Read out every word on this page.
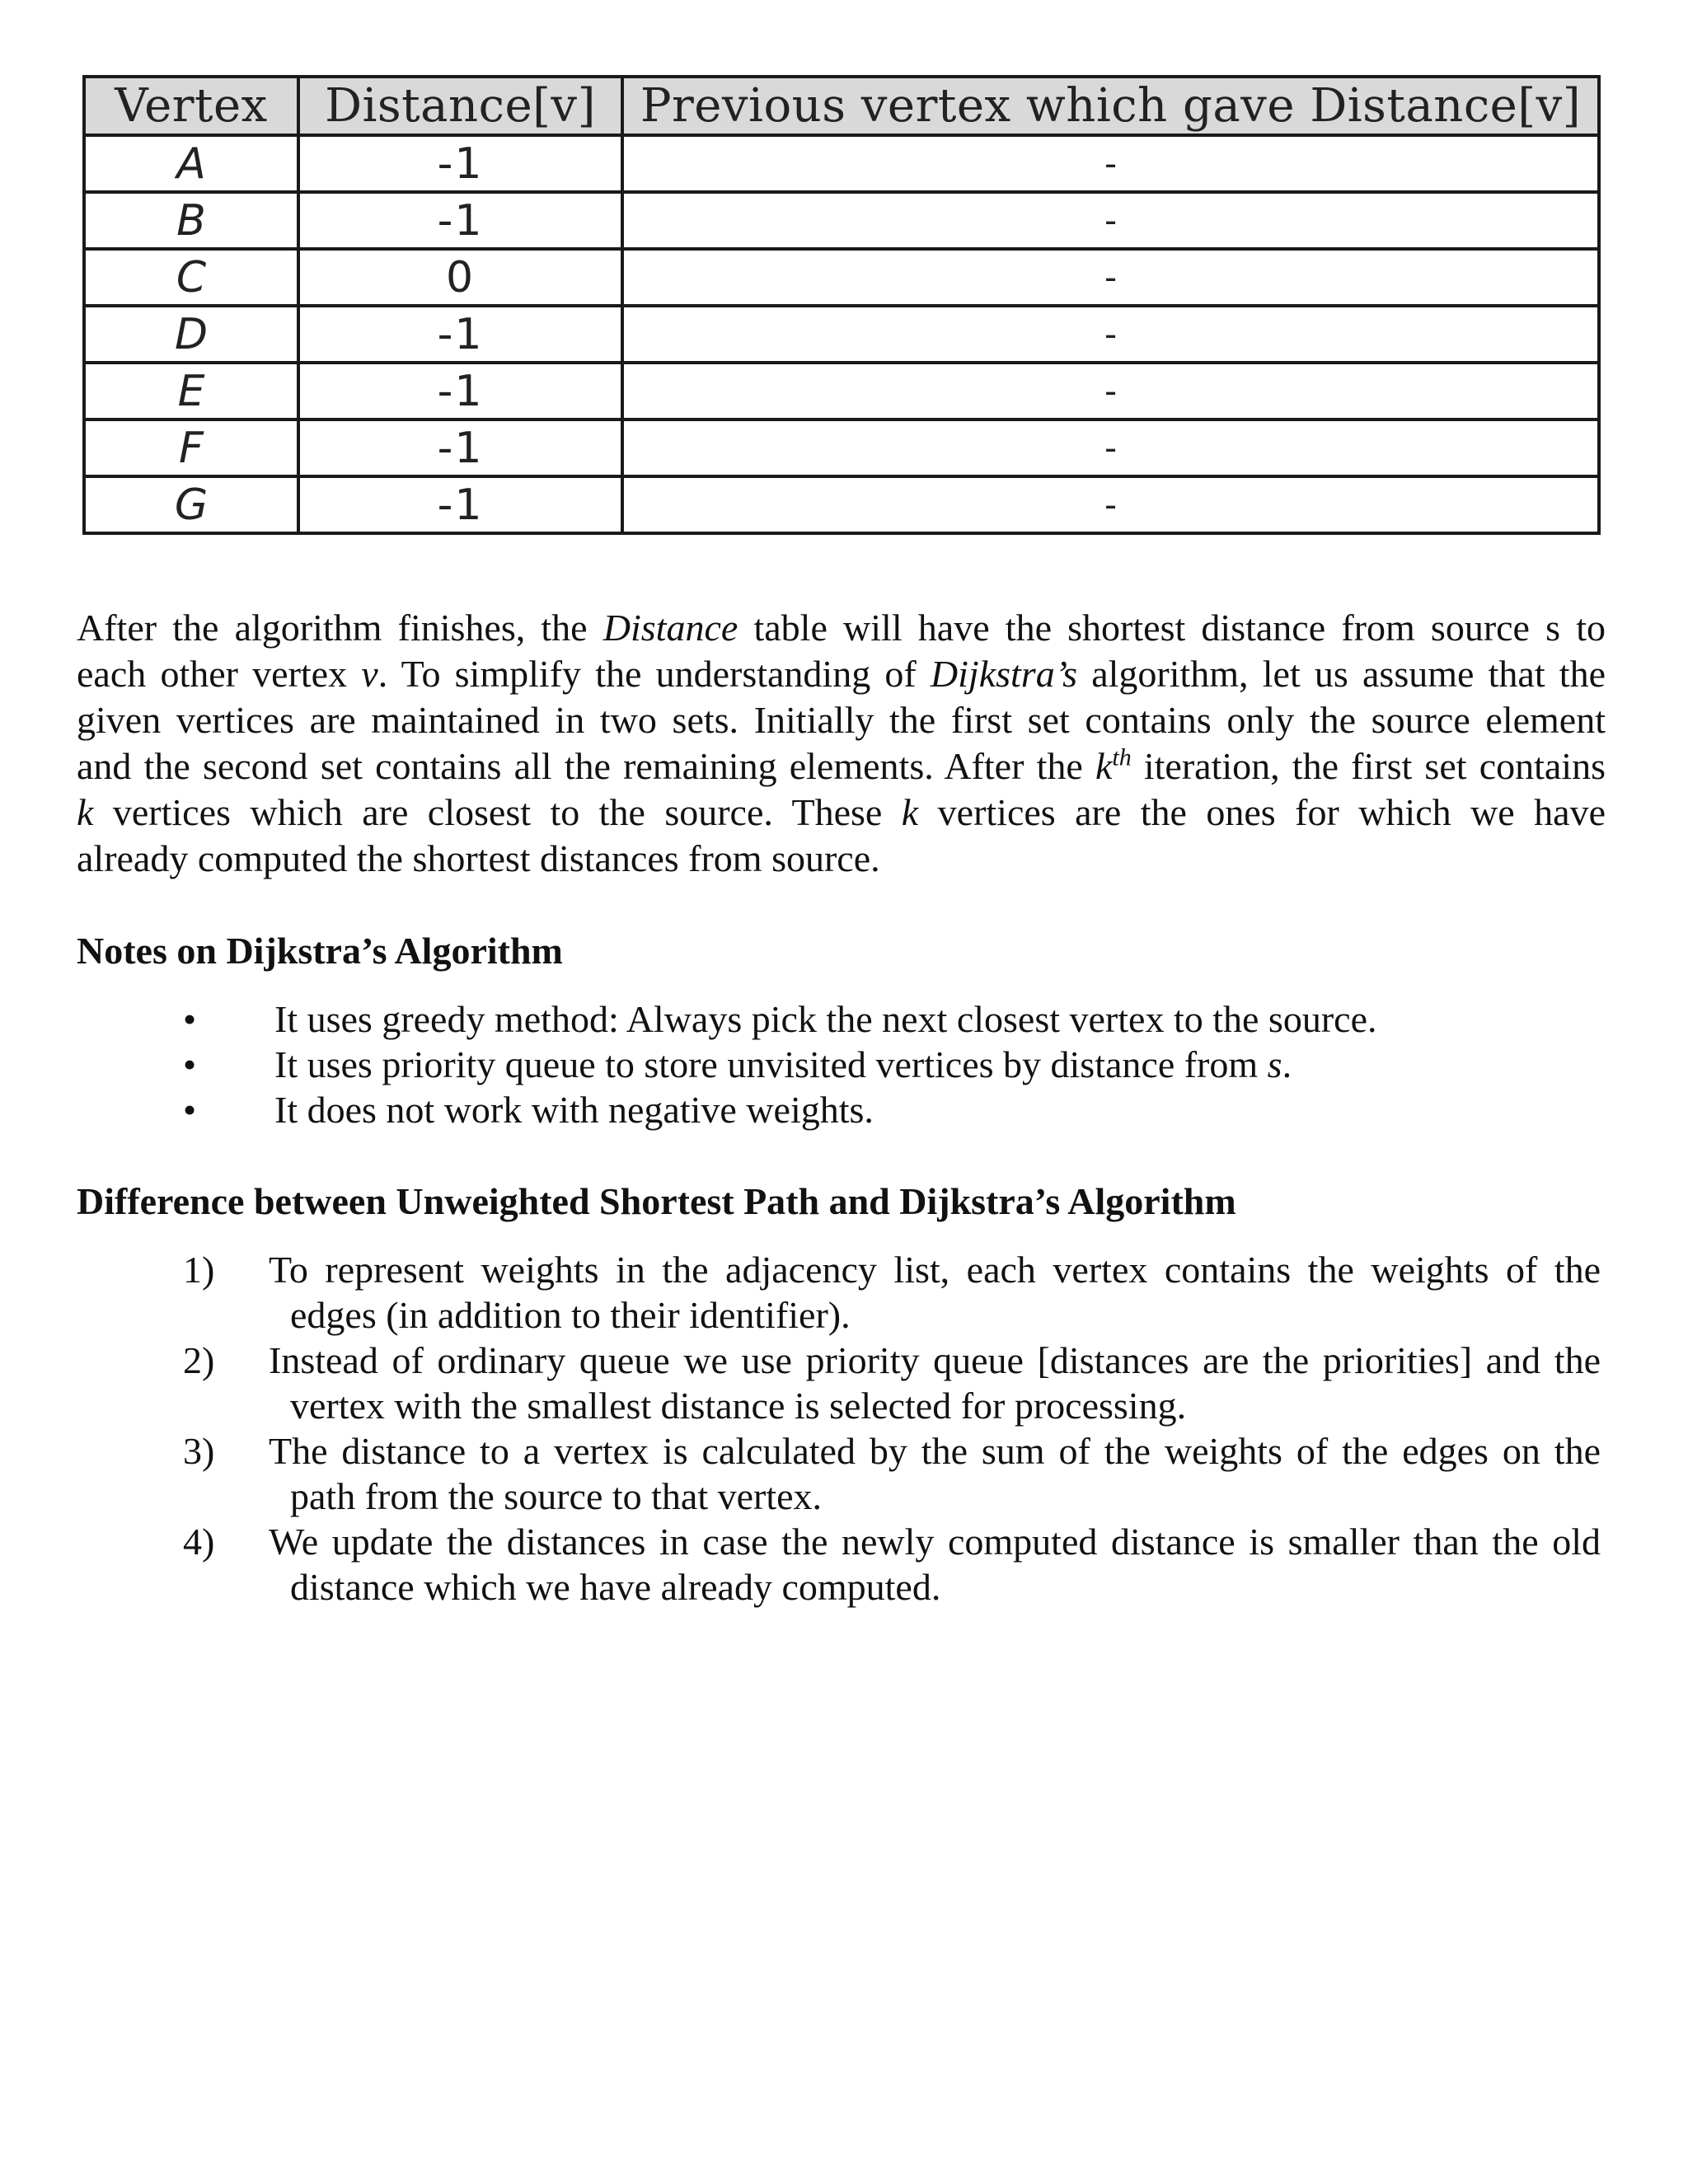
Vertex	Distance[v]	Previous vertex which gave Distance[v]
A	-1	-
B	-1	-
C	0	-
D	-1	-
E	-1	-
F	-1	-
G	-1	-
After the algorithm finishes, the Distance table will have the shortest distance from source s to
each other vertex v. To simplify the understanding of Dijkstra’s algorithm, let us assume that the
given vertices are maintained in two sets. Initially the first set contains only the source element
and the second set contains all the remaining elements. After the $k^{th}$ iteration, the first set contains
k vertices which are closest to the source. These k vertices are the ones for which we have
already computed the shortest distances from source.
Notes on Dijkstra’s Algorithm
• It uses greedy method: Always pick the next closest vertex to the source.
• It uses priority queue to store unvisited vertices by distance from s.
• It does not work with negative weights.
Difference between Unweighted Shortest Path and Dijkstra’s Algorithm
1) To represent weights in the adjacency list, each vertex contains the weights of the
edges (in addition to their identifier).
2) Instead of ordinary queue we use priority queue [distances are the priorities] and the
vertex with the smallest distance is selected for processing.
3) The distance to a vertex is calculated by the sum of the weights of the edges on the
path from the source to that vertex.
4) We update the distances in case the newly computed distance is smaller than the old
distance which we have already computed.
